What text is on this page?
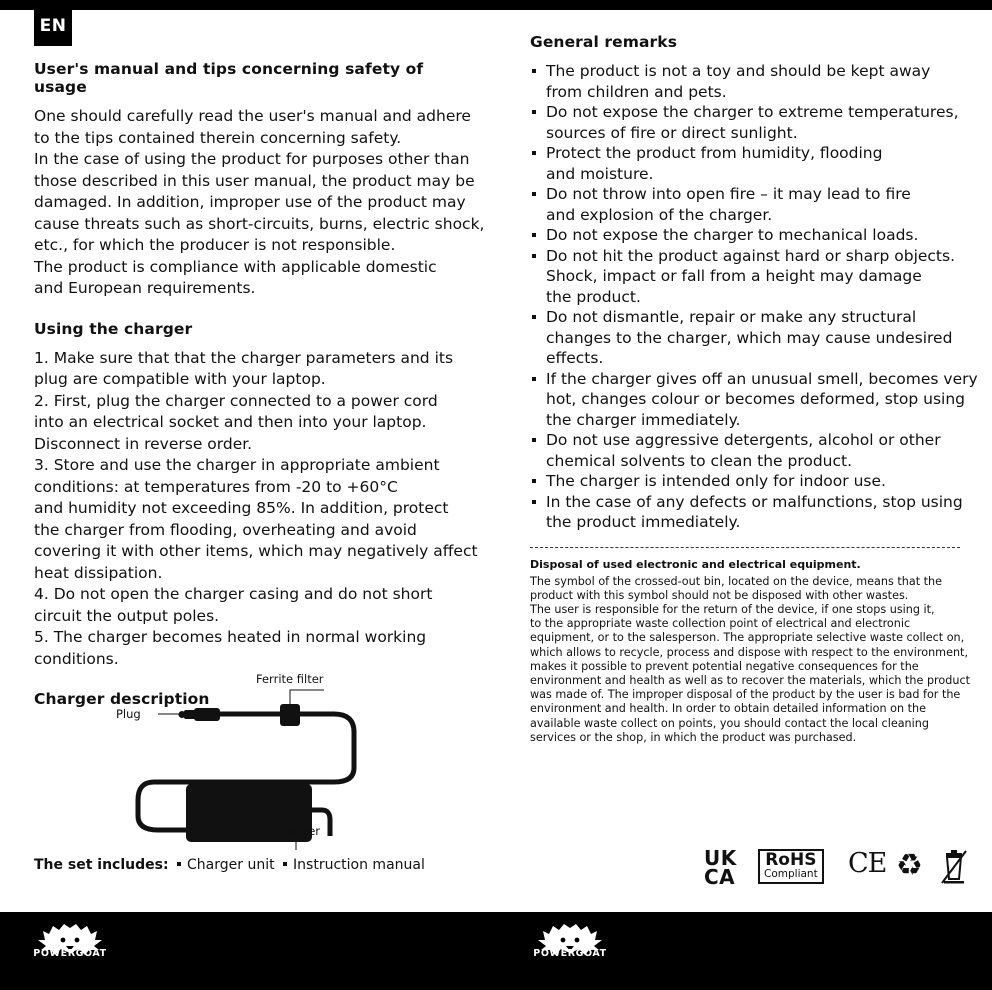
EN
User's manual and tips concerning safety of usage
One should carefully read the user's manual and adhere
to the tips contained therein concerning safety.
In the case of using the product for purposes other than
those described in this user manual, the product may be
damaged. In addition, improper use of the product may
cause threats such as short-circuits, burns, electric shock,
etc., for which the producer is not responsible.
The product is compliance with applicable domestic
and European requirements.
Using the charger
1. Make sure that that the charger parameters and its
plug are compatible with your laptop.
2. First, plug the charger connected to a power cord
into an electrical socket and then into your laptop.
Disconnect in reverse order.
3. Store and use the charger in appropriate ambient
conditions: at temperatures from -20 to +60°C
and humidity not exceeding 85%. In addition, protect
the charger from flooding, overheating and avoid
covering it with other items, which may negatively affect
heat dissipation.
4. Do not open the charger casing and do not short
circuit the output poles.
5. The charger becomes heated in normal working
conditions.
Charger description
Ferrite filter
Plug
Charger
The set includes: Charger unit Instruction manual
General remarks
The product is not a toy and should be kept away
from children and pets.
Do not expose the charger to extreme temperatures,
sources of fire or direct sunlight.
Protect the product from humidity, flooding
and moisture.
Do not throw into open fire – it may lead to fire
and explosion of the charger.
Do not expose the charger to mechanical loads.
Do not hit the product against hard or sharp objects.
Shock, impact or fall from a height may damage
the product.
Do not dismantle, repair or make any structural
changes to the charger, which may cause undesired
effects.
If the charger gives off an unusual smell, becomes very
hot, changes colour or becomes deformed, stop using
the charger immediately.
Do not use aggressive detergents, alcohol or other
chemical solvents to clean the product.
The charger is intended only for indoor use.
In the case of any defects or malfunctions, stop using
the product immediately.
Disposal of used electronic and electrical equipment.
The symbol of the crossed-out bin, located on the device, means that the
product with this symbol should not be disposed with other wastes.
The user is responsible for the return of the device, if one stops using it,
to the appropriate waste collection point of electrical and electronic
equipment, or to the salesperson. The appropriate selective waste collect on,
which allows to recycle, process and dispose with respect to the environment,
makes it possible to prevent potential negative consequences for the
environment and health as well as to recover the materials, which the product
was made of. The improper disposal of the product by the user is bad for the
environment and health. In order to obtain detailed information on the
available waste collect on points, you should contact the local cleaning
services or the shop, in which the product was purchased.
UK
CA
RoHS
Compliant CE ♻
POWERGOAT	POWERGOAT
